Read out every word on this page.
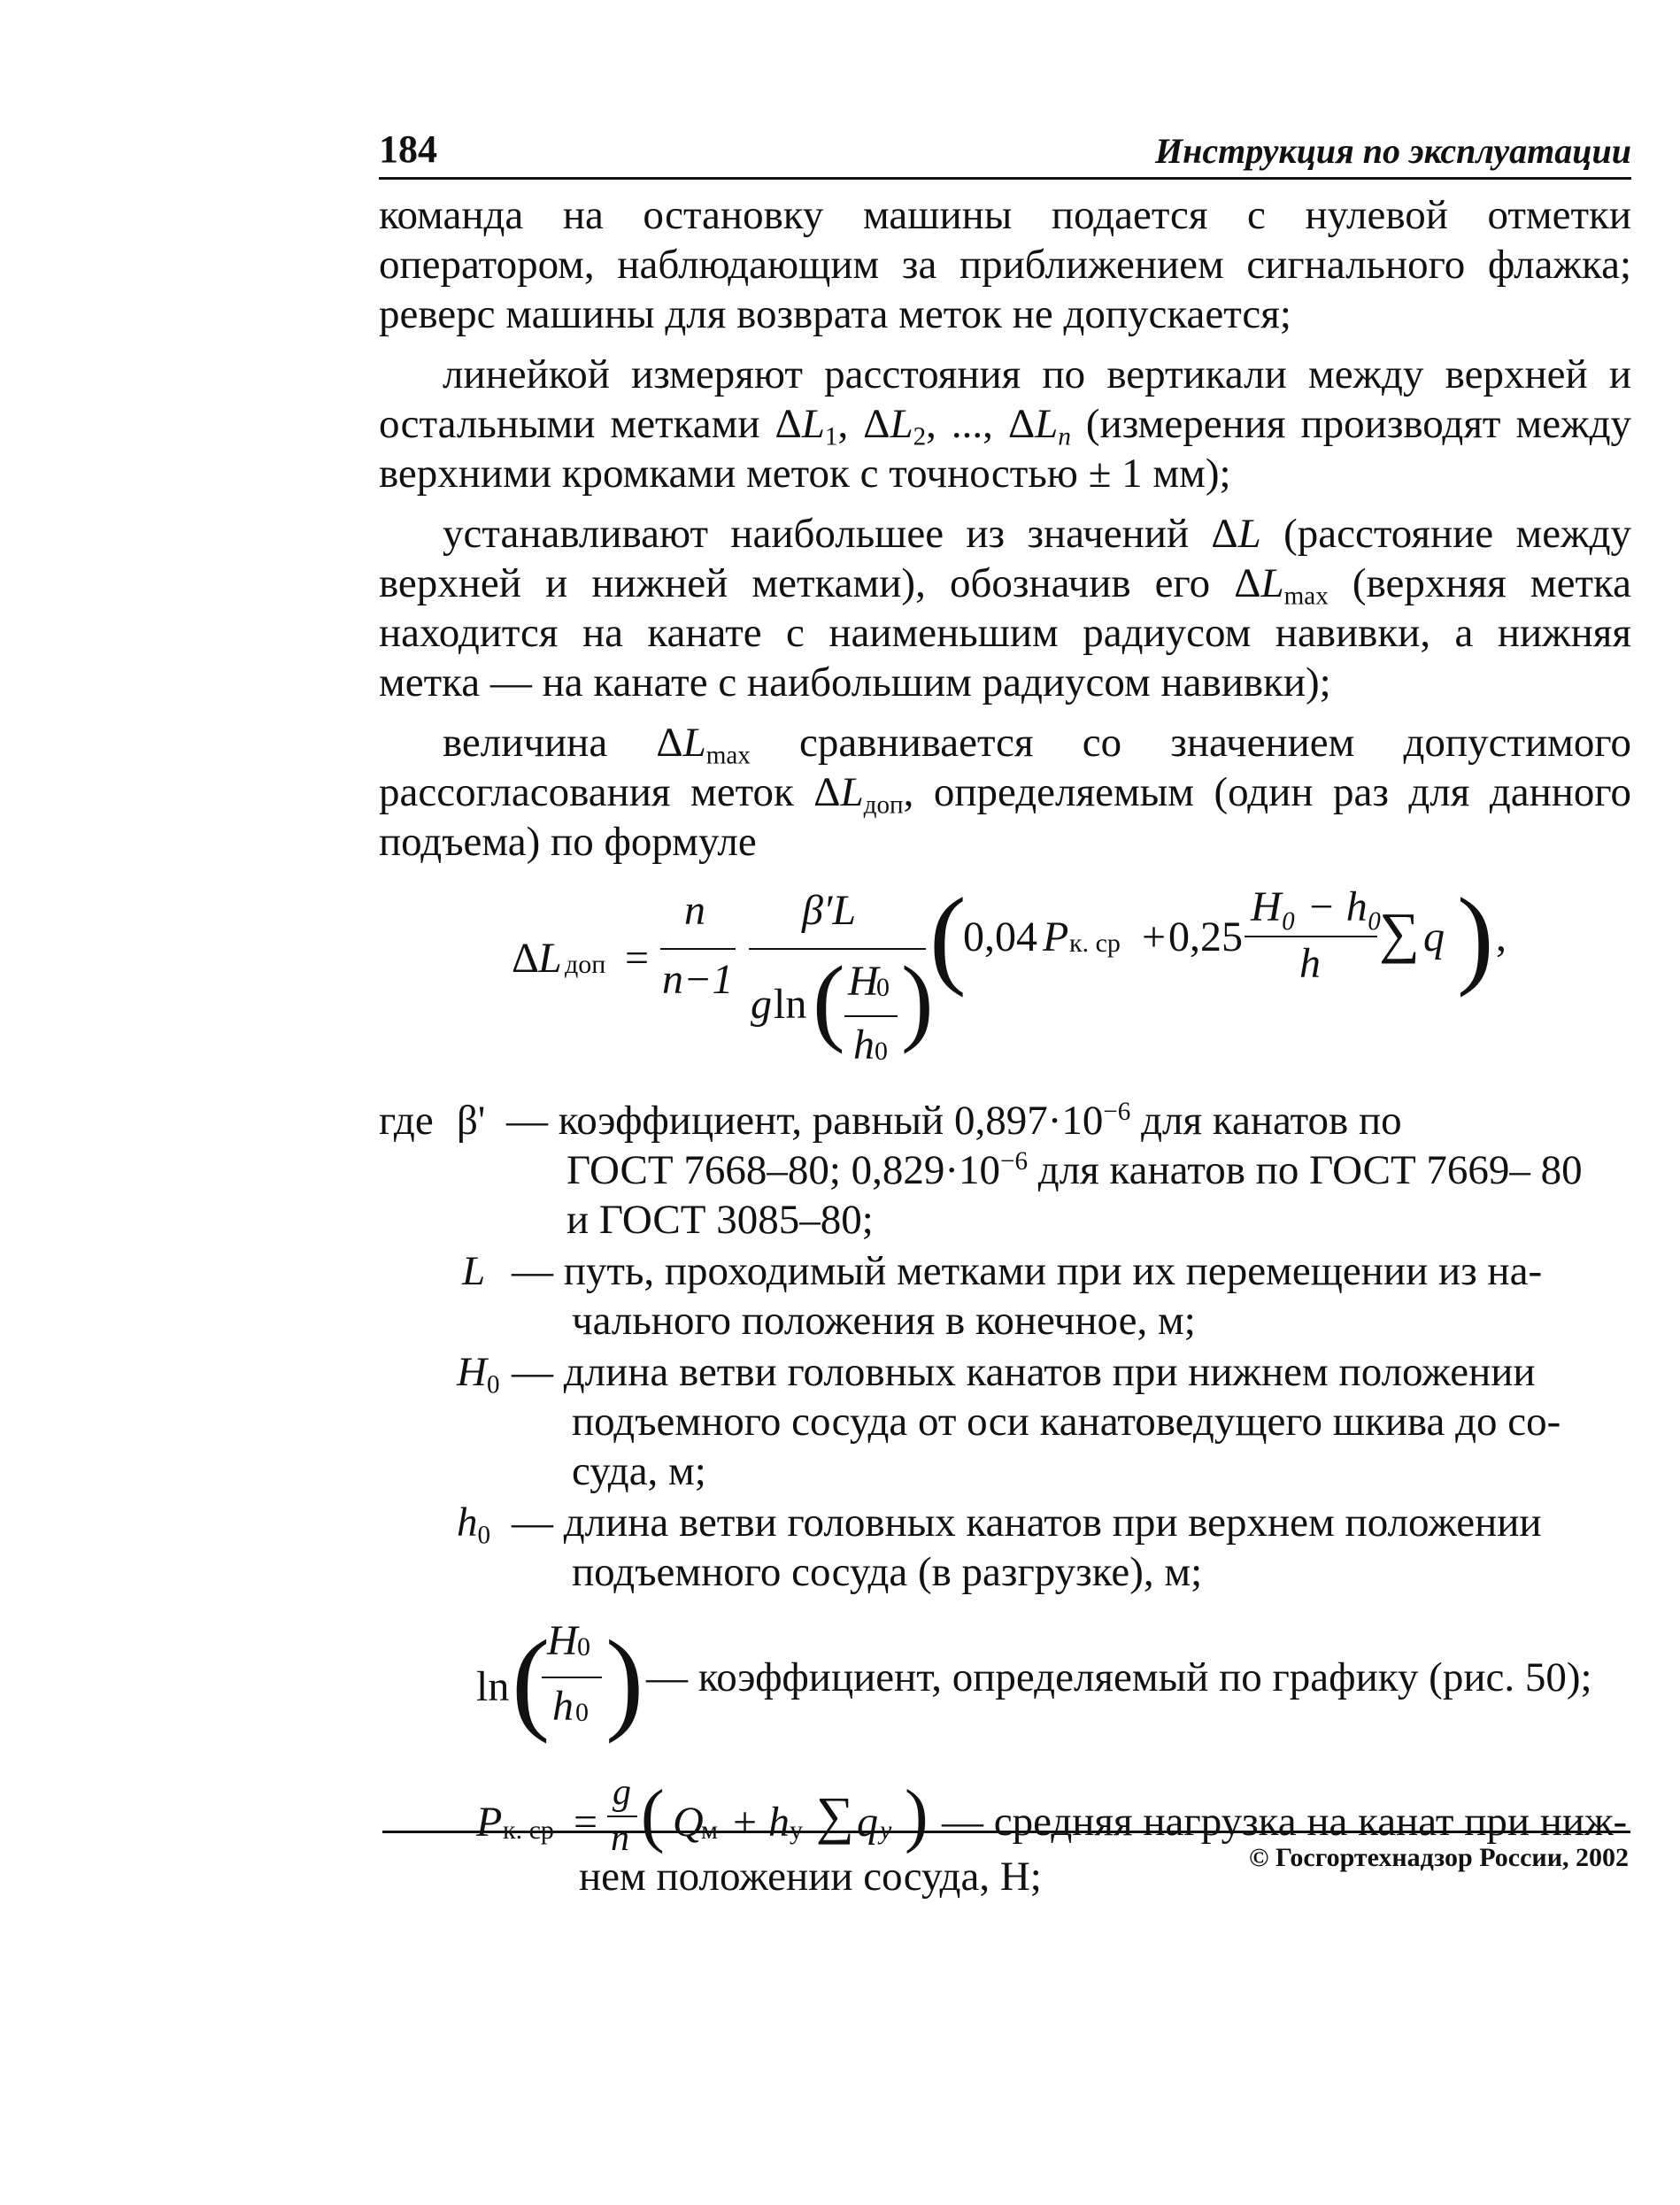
184	Инструкция по эксплуатации

команда на остановку машины подается с нулевой отметки оператором, наблюдающим за приближением сигнального флажка; реверс машины для возврата меток не допускается;

линейкой измеряют расстояния по вертикали между верхней и остальными метками $\Delta L_1$, $\Delta L_2$, ..., $\Delta L_n$ (измерения производят между верхними кромками меток с точностью ± 1 мм);

устанавливают наибольшее из значений ΔL (расстояние между верхней и нижней метками), обозначив его $\Delta L_{max}$ (верхняя метка находится на канате с наименьшим радиусом навивки, а нижняя метка — на канате с наибольшим радиусом навивки);

величина $\Delta L_{max}$ сравнивается со значением допустимого рассогласования меток $\Delta L_{доп}$, определяемым (один раз для данного подъема) по формуле

Δ L доп =
n
n−1
β′L
g ln ( H
0
h 0 )
(
0,04 P к. ср + 0,25
H₀ − h₀
h ∑ q ) ,
где β' — коэффициент, равный $0,897\cdot 10^{-6}$ для канатов по
ГОСТ 7668–80; $0,829\cdot 10^{-6}$ для канатов по ГОСТ 7669– 80
и ГОСТ 3085–80;
L — путь, проходимый метками при их перемещении из на-
чального положения в конечное, м;
$H_0$ — длина ветви головных канатов при нижнем положении
подъемного сосуда от оси канатоведущего шкива до со-
суда, м;
$h_0$ — длина ветви головных канатов при верхнем положении
подъемного сосуда (в разгрузке), м;
ln (
H 0
h 0 ) — коэффициент, определяемый по графику (рис. 50);
P к. ср =
g
n ( Q
м + h у ∑ q y ) — средняя нагрузка на канат при ниж-
нем положении сосуда, Н;	© Госгортехнадзор России, 2002
